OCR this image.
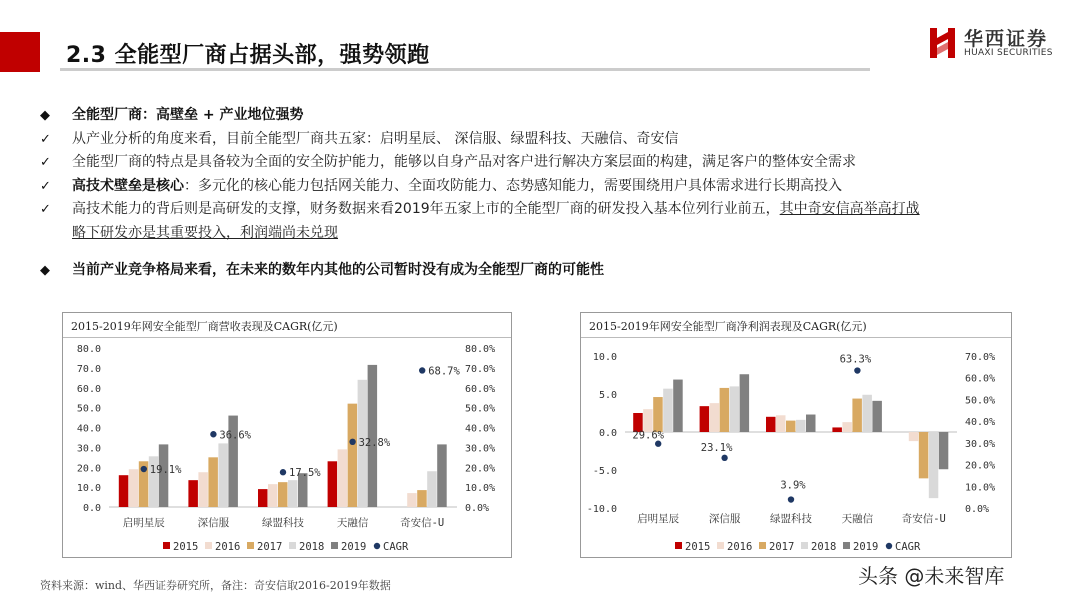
2.3 全能型厂商占据头部，强势领跑
华西证券
HUAXI SECURITIES
◆	全能型厂商：高壁垒 + 产业地位强势
✓	从产业分析的角度来看，目前全能型厂商共五家：启明星辰、 深信服、绿盟科技、天融信、奇安信
✓	全能型厂商的特点是具备较为全面的安全防护能力，能够以自身产品对客户进行解决方案层面的构建，满足客户的整体安全需求
✓	高技术壁垒是核心：多元化的核心能力包括网关能力、全面攻防能力、态势感知能力，需要围绕用户具体需求进行长期高投入
✓	高技术能力的背后则是高研发的支撑，财务数据来看2019年五家上市的全能型厂商的研发投入基本位列行业前五，其中奇安信高举高打战
略下研发亦是其重要投入，利润端尚未兑现
◆	当前产业竞争格局来看，在未来的数年内其他的公司暂时没有成为全能型厂商的可能性
2015-2019年网安全能型厂商营收表现及CAGR(亿元)
80.0
70.0
60.0
50.0
40.0
30.0
20.0
10.0
0.0
80.0%
70.0%
60.0%
50.0%
40.0%
30.0%
20.0%
10.0%
0.0%
启明星辰	深信服	绿盟科技	天融信	奇安信-U
19.1%
36.6%
17.5%
32.8%
68.7%
2015 2016 2017 2018 2019 CAGR
2015-2019年网安全能型厂商净利润表现及CAGR(亿元)
10.0
5.0
0.0
-5.0
-10.0
70.0%
60.0%
50.0%
40.0%
30.0%
20.0%
10.0%
0.0%
启明星辰	深信服	绿盟科技	天融信	奇安信-U
29.6%
23.1%
3.9%
63.3%
2015 2016 2017 2018 2019 CAGR
资料来源：wind、华西证券研究所，备注：奇安信取2016-2019年数据	头条 @未来智库
